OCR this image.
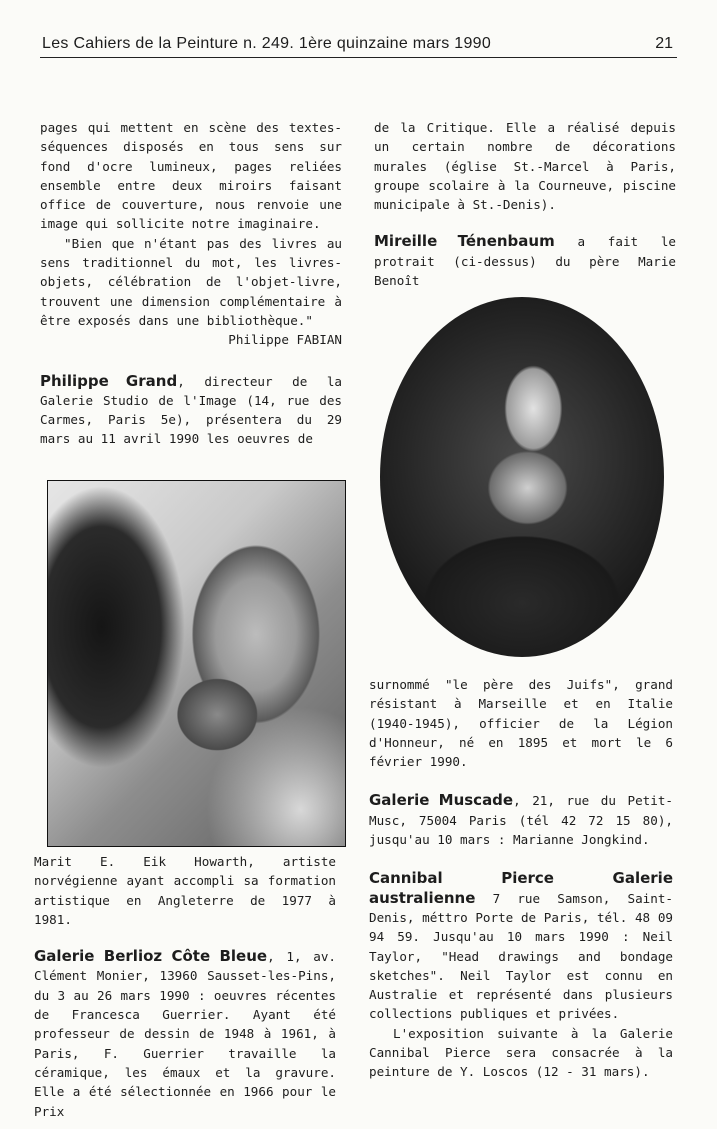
Les Cahiers de la Peinture n. 249. 1ère quinzaine mars 1990	21

pages qui mettent en scène des textes-séquences disposés en tous sens sur fond d'ocre lumineux, pages reliées ensemble entre deux miroirs faisant office de couverture, nous renvoie une image qui sollicite notre imaginaire.

"Bien que n'étant pas des livres au sens traditionnel du mot, les livres-objets, célébration de l'objet-livre, trouvent une dimension complémentaire à être exposés dans une bibliothèque."

Philippe FABIAN

Philippe Grand, directeur de la Galerie Studio de l'Image (14, rue des Carmes, Paris 5e), présentera du 29 mars au 11 avril 1990 les oeuvres de

Marit E. Eik Howarth, artiste norvégienne ayant accompli sa formation artistique en Angleterre de 1977 à 1981.

Galerie Berlioz Côte Bleue, 1, av. Clément Monier, 13960 Sausset-les-Pins, du 3 au 26 mars 1990 : oeuvres récentes de Francesca Guerrier. Ayant été professeur de dessin de 1948 à 1961, à Paris, F. Guerrier travaille la céramique, les émaux et la gravure. Elle a été sélectionnée en 1966 pour le Prix

de la Critique. Elle a réalisé depuis un certain nombre de décorations murales (église St.-Marcel à Paris, groupe scolaire à la Courneuve, piscine municipale à St.-Denis).

Mireille Ténenbaum a fait le protrait (ci-dessus) du père Marie Benoît

surnommé "le père des Juifs", grand résistant à Marseille et en Italie (1940-1945), officier de la Légion d'Honneur, né en 1895 et mort le 6 février 1990.

Galerie Muscade, 21, rue du Petit-Musc, 75004 Paris (tél 42 72 15 80), jusqu'au 10 mars : Marianne Jongkind.

Cannibal Pierce Galerie australienne 7 rue Samson, Saint-Denis, méttro Porte de Paris, tél. 48 09 94 59. Jusqu'au 10 mars 1990 : Neil Taylor, "Head drawings and bondage sketches". Neil Taylor est connu en Australie et représenté dans plusieurs collections publiques et privées.

L'exposition suivante à la Galerie Cannibal Pierce sera consacrée à la peinture de Y. Loscos (12 - 31 mars).
